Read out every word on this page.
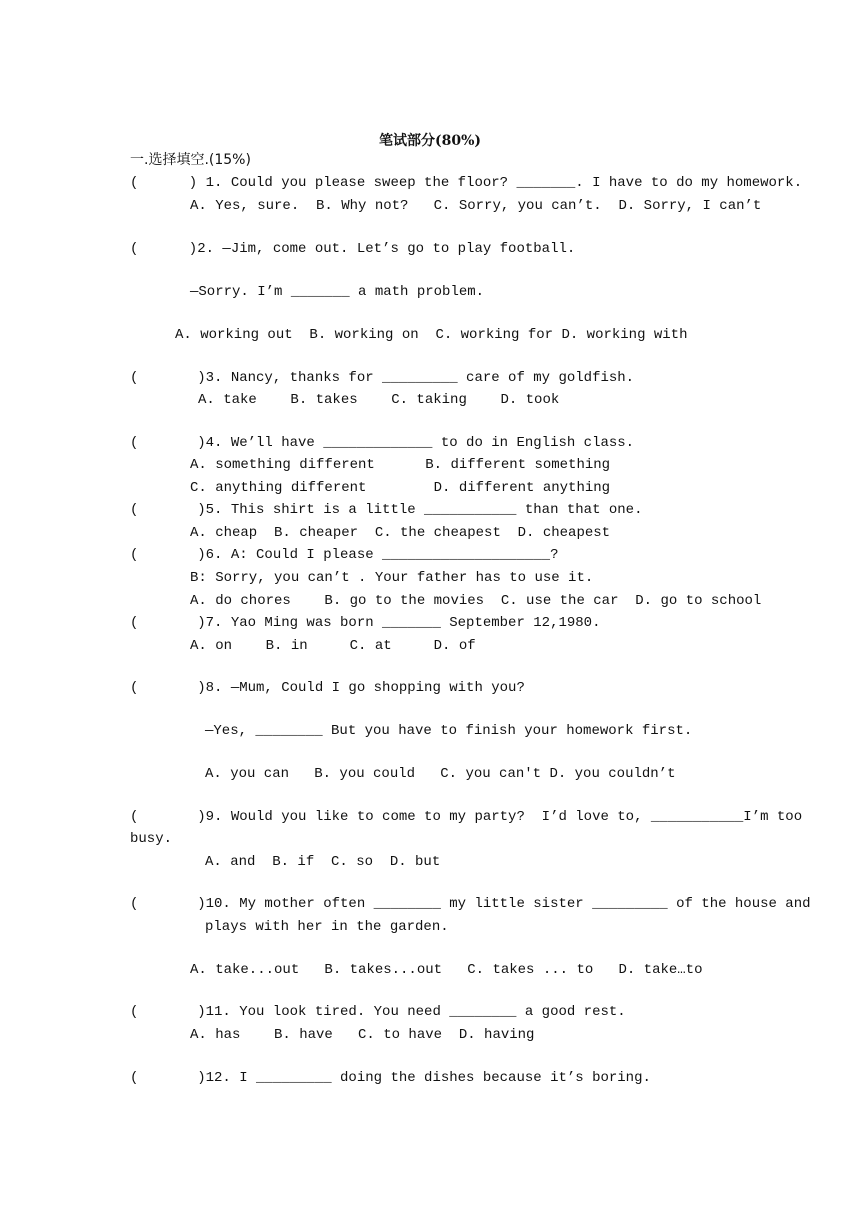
笔试部分(80%)
一.选择填空.(15%)
(      ) 1. Could you please sweep the floor? _______. I have to do my homework.
A. Yes, sure.  B. Why not?   C. Sorry, you can’t.  D. Sorry, I can’t
(      )2. —Jim, come out. Let’s go to play football.
—Sorry. I’m _______ a math problem.
A. working out  B. working on  C. working for D. working with
(       )3. Nancy, thanks for _________ care of my goldfish.
A. take    B. takes    C. taking    D. took
(       )4. We’ll have _____________ to do in English class.
A. something different      B. different something
C. anything different        D. different anything
(       )5. This shirt is a little ___________ than that one.
A. cheap  B. cheaper  C. the cheapest  D. cheapest
(       )6. A: Could I please ____________________?
B: Sorry, you can’t . Your father has to use it.
A. do chores    B. go to the movies  C. use the car  D. go to school
(       )7. Yao Ming was born _______ September 12,1980.
A. on    B. in     C. at     D. of
(       )8. —Mum, Could I go shopping with you?
—Yes, ________ But you have to finish your homework first.
A. you can   B. you could   C. you can't D. you couldn’t
(       )9. Would you like to come to my party?  I’d love to, ___________I’m too
busy.
A. and  B. if  C. so  D. but
(       )10. My mother often ________ my little sister _________ of the house and
plays with her in the garden.
A. take...out   B. takes...out   C. takes ... to   D. take…to
(       )11. You look tired. You need ________ a good rest.
A. has    B. have   C. to have  D. having
(       )12. I _________ doing the dishes because it’s boring.
